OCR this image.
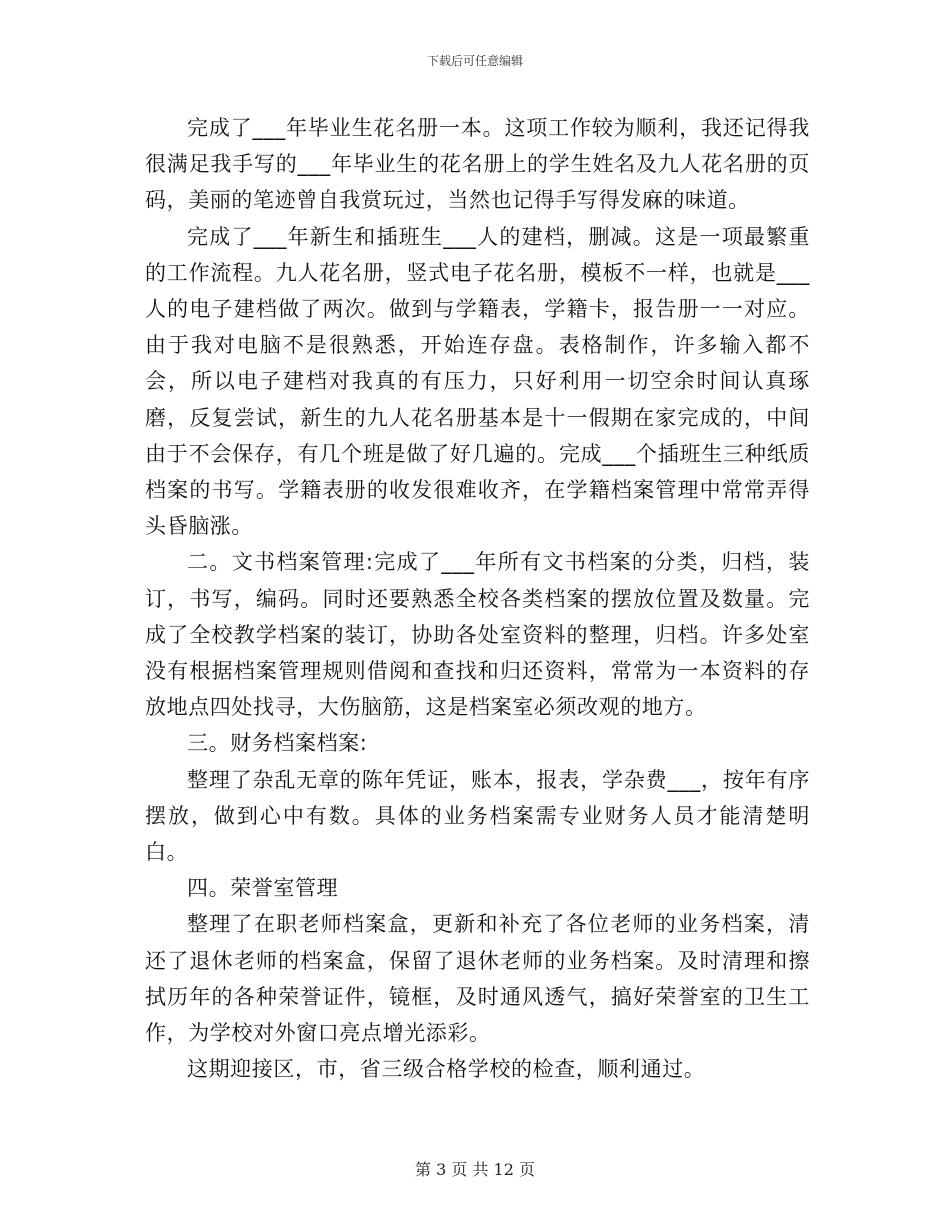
下载后可任意编辑

完成了___年毕业生花名册一本。这项工作较为顺利，我还记得我很满足我手写的___年毕业生的花名册上的学生姓名及九人花名册的页码，美丽的笔迹曾自我赏玩过，当然也记得手写得发麻的味道。

完成了___年新生和插班生___人的建档，删减。这是一项最繁重的工作流程。九人花名册，竖式电子花名册，模板不一样，也就是___人的电子建档做了两次。做到与学籍表，学籍卡，报告册一一对应。由于我对电脑不是很熟悉，开始连存盘。表格制作，许多输入都不会，所以电子建档对我真的有压力，只好利用一切空余时间认真琢磨，反复尝试，新生的九人花名册基本是十一假期在家完成的，中间由于不会保存，有几个班是做了好几遍的。完成___个插班生三种纸质档案的书写。学籍表册的收发很难收齐，在学籍档案管理中常常弄得头昏脑涨。

二。文书档案管理:完成了___年所有文书档案的分类，归档，装订，书写，编码。同时还要熟悉全校各类档案的摆放位置及数量。完成了全校教学档案的装订，协助各处室资料的整理，归档。许多处室没有根据档案管理规则借阅和查找和归还资料，常常为一本资料的存放地点四处找寻，大伤脑筋，这是档案室必须改观的地方。

三。财务档案档案:

整理了杂乱无章的陈年凭证，账本，报表，学杂费___，按年有序摆放，做到心中有数。具体的业务档案需专业财务人员才能清楚明白。

四。荣誉室管理

整理了在职老师档案盒，更新和补充了各位老师的业务档案，清还了退休老师的档案盒，保留了退休老师的业务档案。及时清理和擦拭历年的各种荣誉证件，镜框，及时通风透气，搞好荣誉室的卫生工作，为学校对外窗口亮点增光添彩。

这期迎接区，市，省三级合格学校的检查，顺利通过。

第 3 页 共 12 页
